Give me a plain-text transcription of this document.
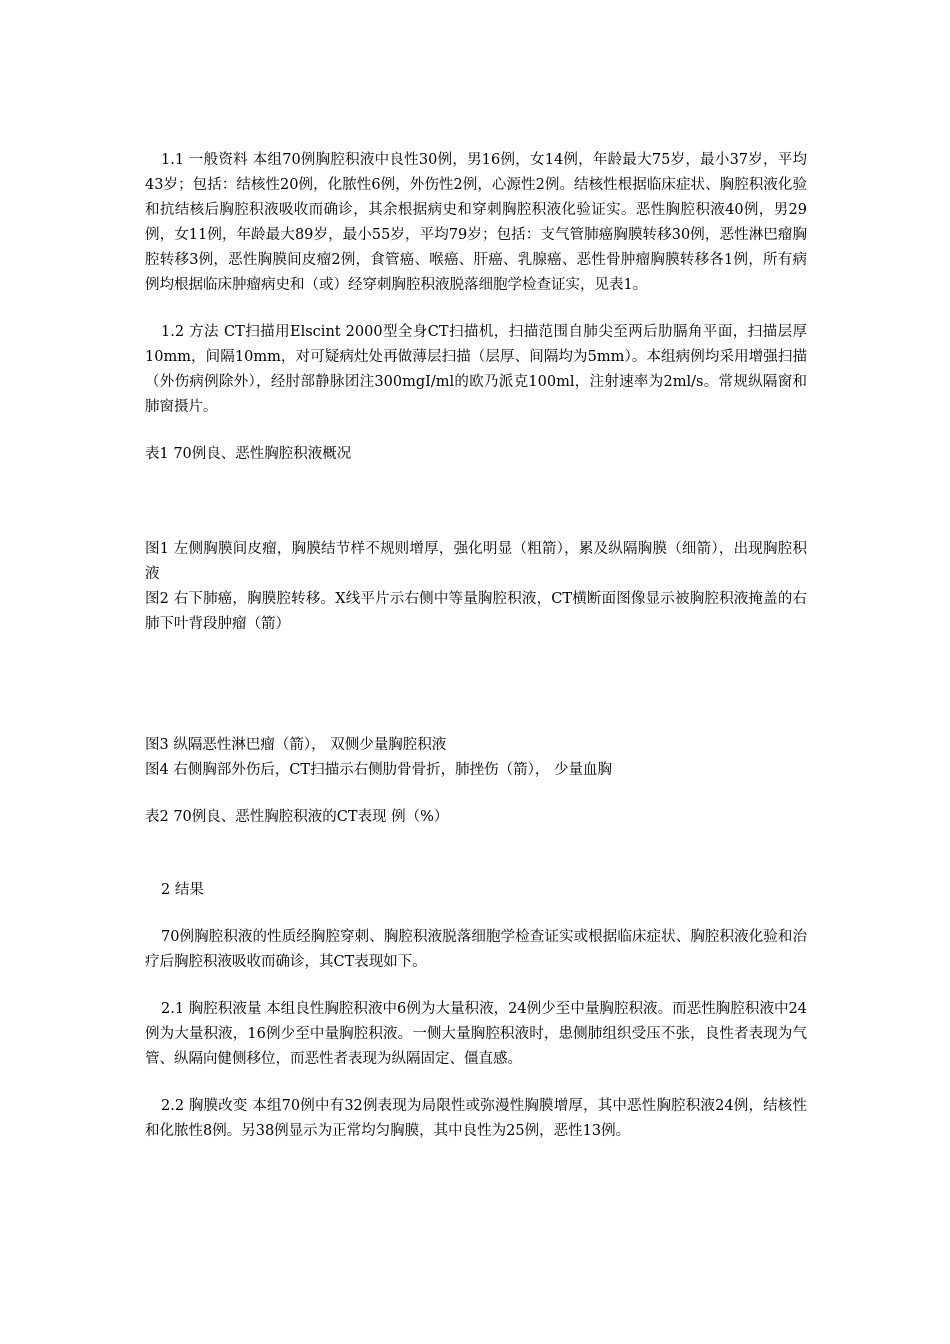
1.1 一般资料 本组70例胸腔积液中良性30例，男16例，女14例，年龄最大75岁，最小37岁，平均43岁；包括：结核性20例，化脓性6例，外伤性2例，心源性2例。结核性根据临床症状、胸腔积液化验和抗结核后胸腔积液吸收而确诊，其余根据病史和穿刺胸腔积液化验证实。恶性胸腔积液40例，男29例，女11例，年龄最大89岁，最小55岁，平均79岁；包括：支气管肺癌胸膜转移30例，恶性淋巴瘤胸腔转移3例，恶性胸膜间皮瘤2例，食管癌、喉癌、肝癌、乳腺癌、恶性骨肿瘤胸膜转移各1例，所有病例均根据临床肿瘤病史和（或）经穿刺胸腔积液脱落细胞学检查证实，见表1。

1.2 方法 CT扫描用Elscint 2000型全身CT扫描机，扫描范围自肺尖至两后肋膈角平面，扫描层厚10mm，间隔10mm，对可疑病灶处再做薄层扫描（层厚、间隔均为5mm）。本组病例均采用增强扫描（外伤病例除外），经肘部静脉团注300mgI/ml的欧乃派克100ml，注射速率为2ml/s。常规纵隔窗和肺窗摄片。

表1 70例良、恶性胸腔积液概况

图1 左侧胸膜间皮瘤，胸膜结节样不规则增厚，强化明显（粗箭），累及纵隔胸膜（细箭），出现胸腔积液

图2 右下肺癌，胸膜腔转移。X线平片示右侧中等量胸腔积液，CT横断面图像显示被胸腔积液掩盖的右肺下叶背段肿瘤（箭）

图3 纵隔恶性淋巴瘤（箭）， 双侧少量胸腔积液

图4 右侧胸部外伤后，CT扫描示右侧肋骨骨折，肺挫伤（箭）， 少量血胸

表2 70例良、恶性胸腔积液的CT表现 例（%）

2 结果

70例胸腔积液的性质经胸腔穿刺、胸腔积液脱落细胞学检查证实或根据临床症状、胸腔积液化验和治疗后胸腔积液吸收而确诊，其CT表现如下。

2.1 胸腔积液量 本组良性胸腔积液中6例为大量积液，24例少至中量胸腔积液。而恶性胸腔积液中24例为大量积液，16例少至中量胸腔积液。一侧大量胸腔积液时，患侧肺组织受压不张，良性者表现为气管、纵隔向健侧移位，而恶性者表现为纵隔固定、僵直感。

2.2 胸膜改变 本组70例中有32例表现为局限性或弥漫性胸膜增厚，其中恶性胸腔积液24例，结核性和化脓性8例。另38例显示为正常均匀胸膜，其中良性为25例，恶性13例。
